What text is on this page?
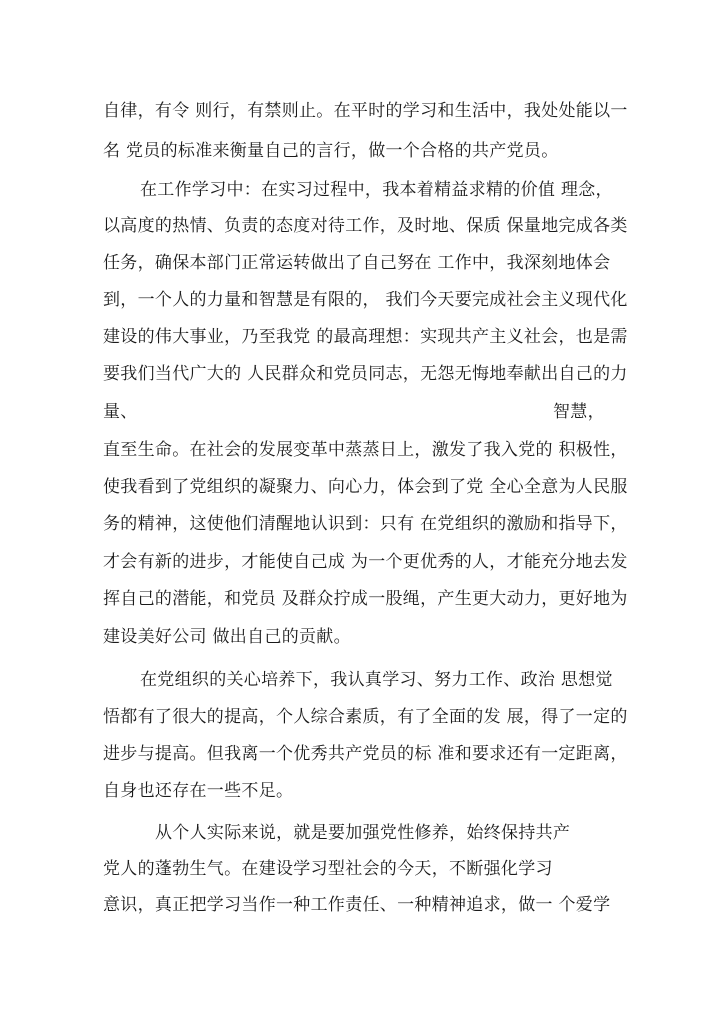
自律，有令 则行，有禁则止。在平时的学习和生活中，我处处能以一
名 党员的标准来衡量自己的言行，做一个合格的共产党员。
在工作学习中：在实习过程中，我本着精益求精的价值 理念，
以高度的热情、负责的态度对待工作，及时地、保质 保量地完成各类
任务，确保本部门正常运转做出了自己努在 工作中，我深刻地体会
到，一个人的力量和智慧是有限的， 我们今天要完成社会主义现代化
建设的伟大事业，乃至我党 的最高理想：实现共产主义社会，也是需
要我们当代广大的 人民群众和党员同志，无怨无悔地奉献出自己的力
量、	智慧，
直至生命。在社会的发展变革中蒸蒸日上，激发了我入党的 积极性，
使我看到了党组织的凝聚力、向心力，体会到了党 全心全意为人民服
务的精神，这使他们清醒地认识到：只有 在党组织的激励和指导下，
才会有新的进步，才能使自己成 为一个更优秀的人，才能充分地去发
挥自己的潜能，和党员 及群众拧成一股绳，产生更大动力，更好地为
建设美好公司 做出自己的贡献。
在党组织的关心培养下，我认真学习、努力工作、政治 思想觉
悟都有了很大的提高，个人综合素质，有了全面的发 展，得了一定的
进步与提高。但我离一个优秀共产党员的标 准和要求还有一定距离，
自身也还存在一些不足。
从个人实际来说，就是要加强党性修养，始终保持共产
党人的蓬勃生气。在建设学习型社会的今天，不断强化学习
意识，真正把学习当作一种工作责任、一种精神追求，做一 个爱学
